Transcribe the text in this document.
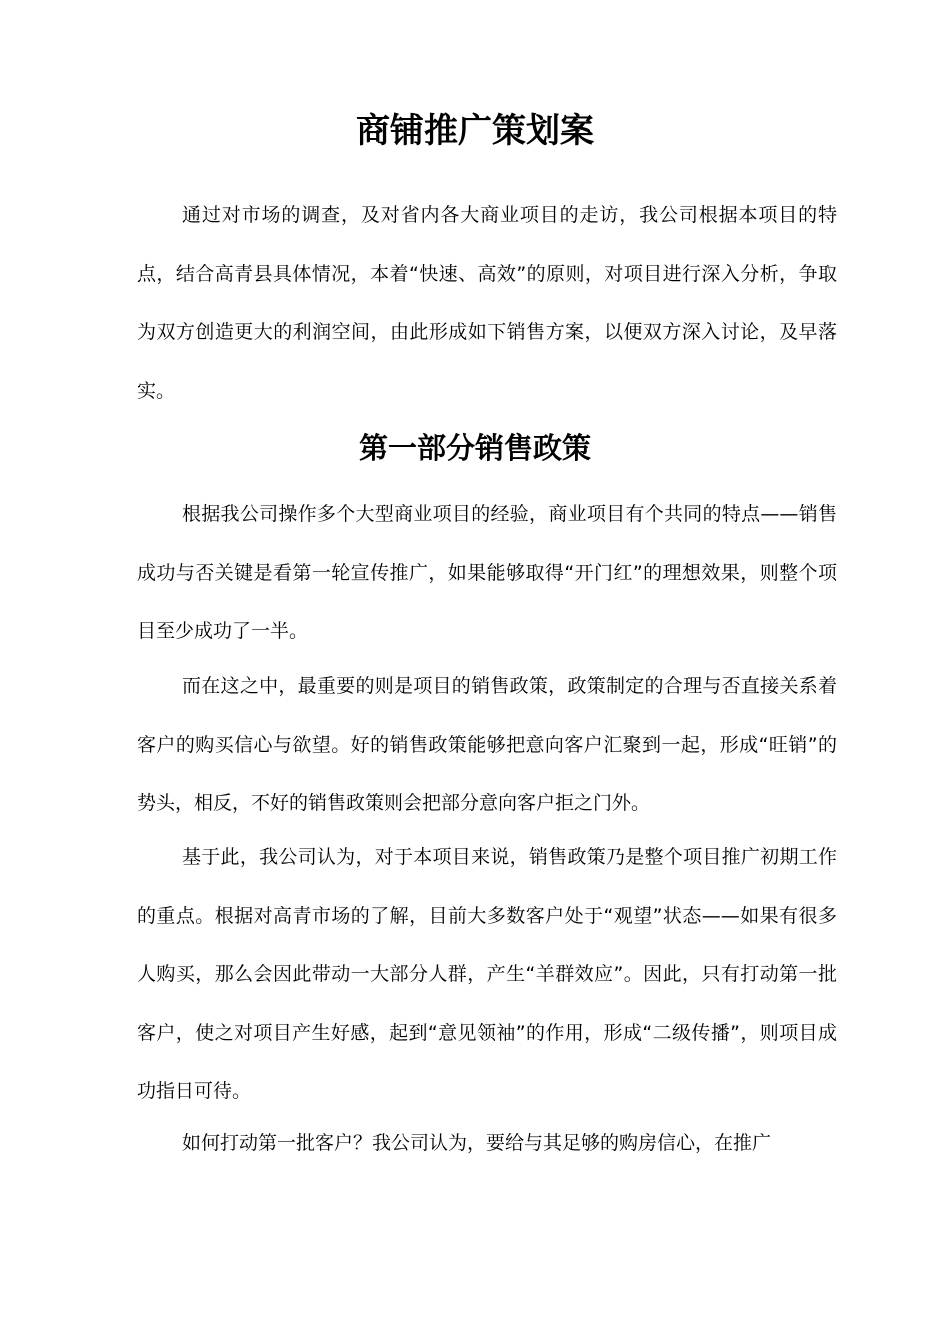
商铺推广策划案

通过对市场的调查，及对省内各大商业项目的走访，我公司根据本项目的特点，结合高青县具体情况，本着“快速、高效”的原则，对项目进行深入分析，争取为双方创造更大的利润空间，由此形成如下销售方案，以便双方深入讨论，及早落实。

第一部分销售政策

根据我公司操作多个大型商业项目的经验，商业项目有个共同的特点——销售成功与否关键是看第一轮宣传推广，如果能够取得“开门红”的理想效果，则整个项目至少成功了一半。

而在这之中，最重要的则是项目的销售政策，政策制定的合理与否直接关系着客户的购买信心与欲望。好的销售政策能够把意向客户汇聚到一起，形成“旺销”的势头，相反，不好的销售政策则会把部分意向客户拒之门外。

基于此，我公司认为，对于本项目来说，销售政策乃是整个项目推广初期工作的重点。根据对高青市场的了解，目前大多数客户处于“观望”状态——如果有很多人购买，那么会因此带动一大部分人群，产生“羊群效应”。因此，只有打动第一批客户，使之对项目产生好感，起到“意见领袖”的作用，形成“二级传播”，则项目成功指日可待。

如何打动第一批客户？我公司认为，要给与其足够的购房信心，在推广
